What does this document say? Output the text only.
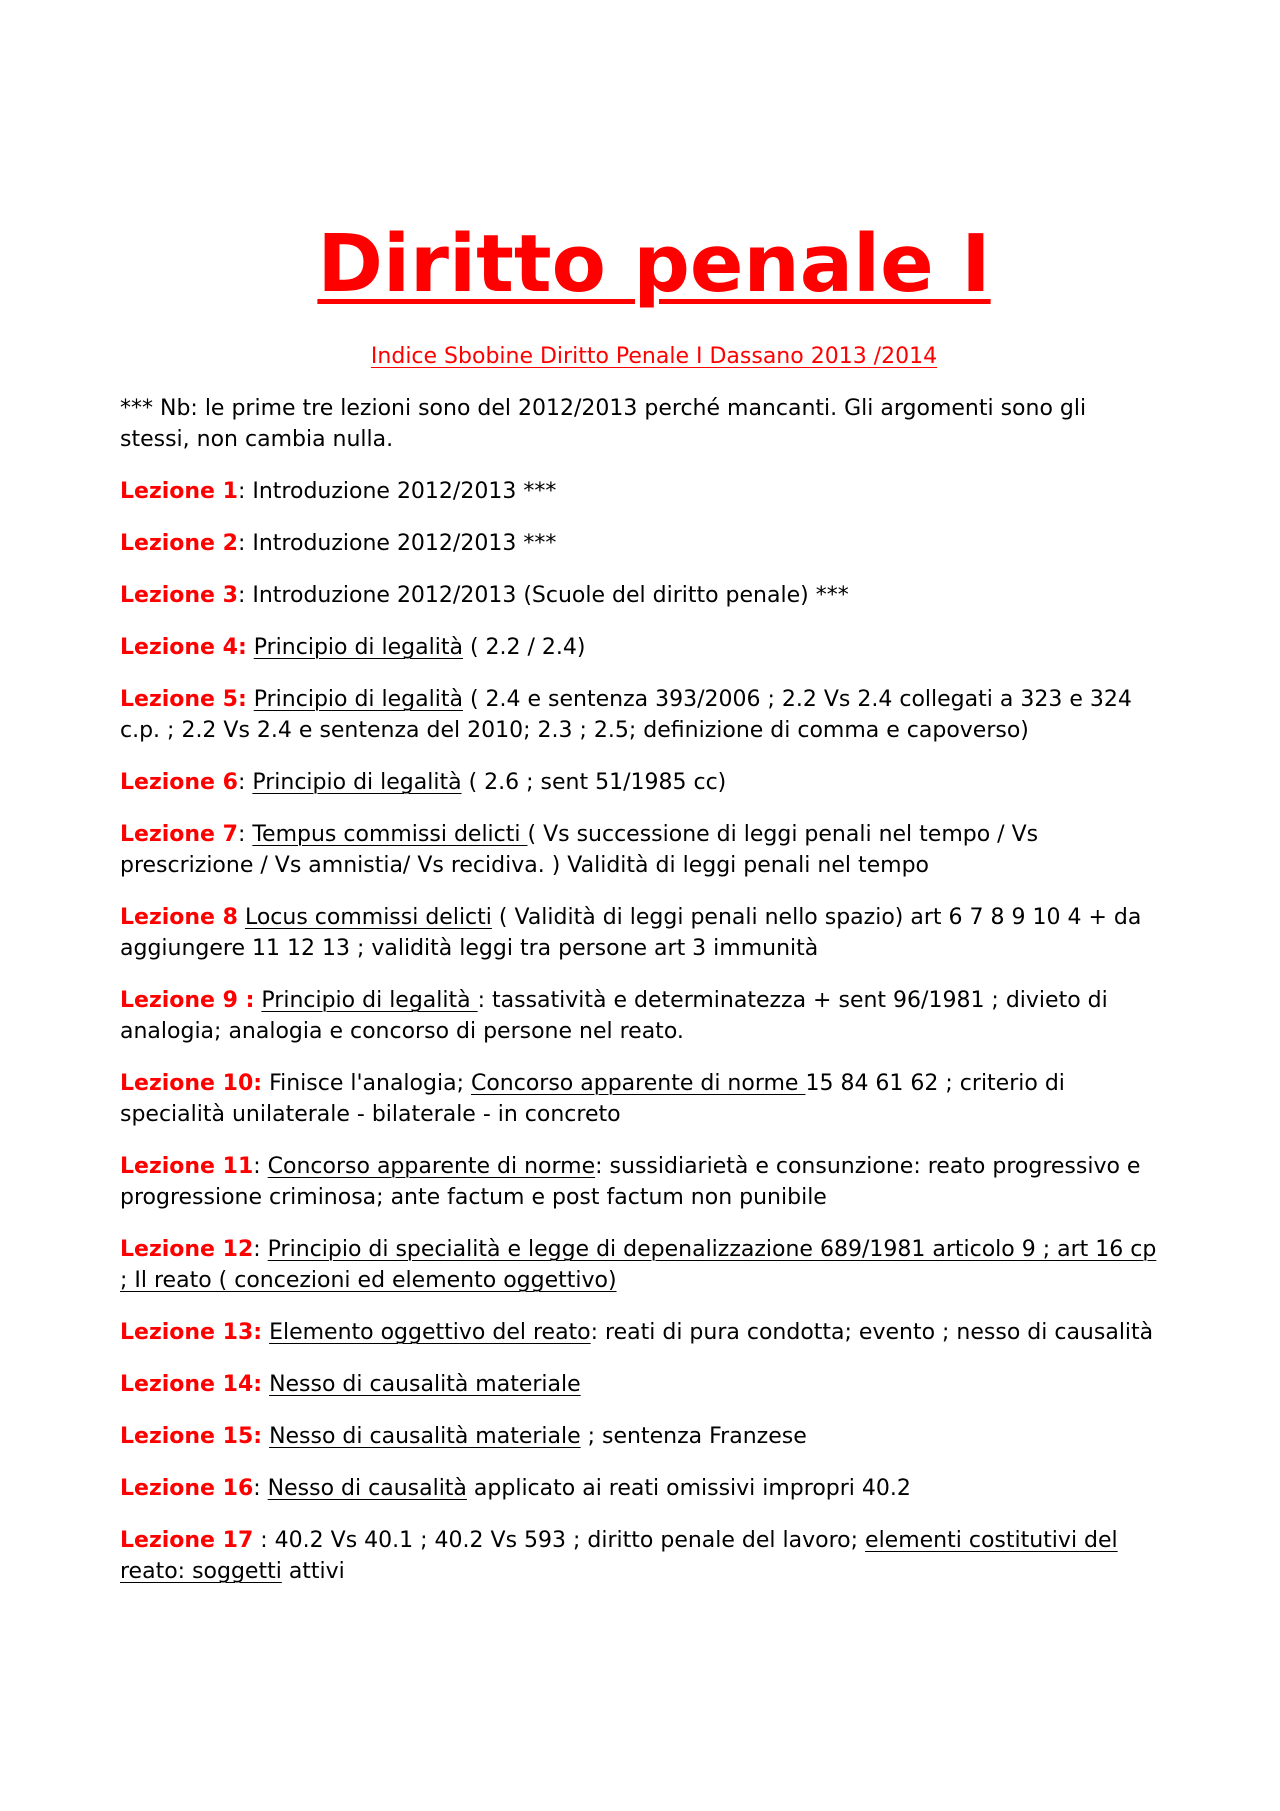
Diritto penale I
Indice Sbobine Diritto Penale I Dassano 2013 /2014

*** Nb: le prime tre lezioni sono del 2012/2013 perché mancanti. Gli argomenti sono gli stessi, non cambia nulla.

Lezione 1: Introduzione 2012/2013 ***

Lezione 2: Introduzione 2012/2013 ***

Lezione 3: Introduzione 2012/2013 (Scuole del diritto penale) ***

Lezione 4: Principio di legalità ( 2.2 / 2.4)

Lezione 5: Principio di legalità ( 2.4 e sentenza 393/2006 ; 2.2 Vs 2.4 collegati a 323 e 324 c.p. ; 2.2 Vs 2.4 e sentenza del 2010; 2.3 ; 2.5; definizione di comma e capoverso)

Lezione 6: Principio di legalità ( 2.6 ; sent 51/1985 cc)

Lezione 7: Tempus commissi delicti ( Vs successione di leggi penali nel tempo / Vs prescrizione / Vs amnistia/ Vs recidiva. ) Validità di leggi penali nel tempo

Lezione 8 Locus commissi delicti ( Validità di leggi penali nello spazio) art 6 7 8 9 10 4 + da aggiungere 11 12 13 ; validità leggi tra persone art 3 immunità

Lezione 9 : Principio di legalità : tassatività e determinatezza + sent 96/1981 ; divieto di analogia; analogia e concorso di persone nel reato.

Lezione 10: Finisce l'analogia; Concorso apparente di norme 15 84 61 62 ; criterio di specialità unilaterale - bilaterale - in concreto

Lezione 11: Concorso apparente di norme: sussidiarietà e consunzione: reato progressivo e progressione criminosa; ante factum e post factum non punibile

Lezione 12: Principio di specialità e legge di depenalizzazione 689/1981 articolo 9 ; art 16 cp ; Il reato ( concezioni ed elemento oggettivo)

Lezione 13: Elemento oggettivo del reato: reati di pura condotta; evento ; nesso di causalità

Lezione 14: Nesso di causalità materiale

Lezione 15: Nesso di causalità materiale ; sentenza Franzese

Lezione 16: Nesso di causalità applicato ai reati omissivi impropri 40.2

Lezione 17 : 40.2 Vs 40.1 ; 40.2 Vs 593 ; diritto penale del lavoro; elementi costitutivi del reato: soggetti attivi
